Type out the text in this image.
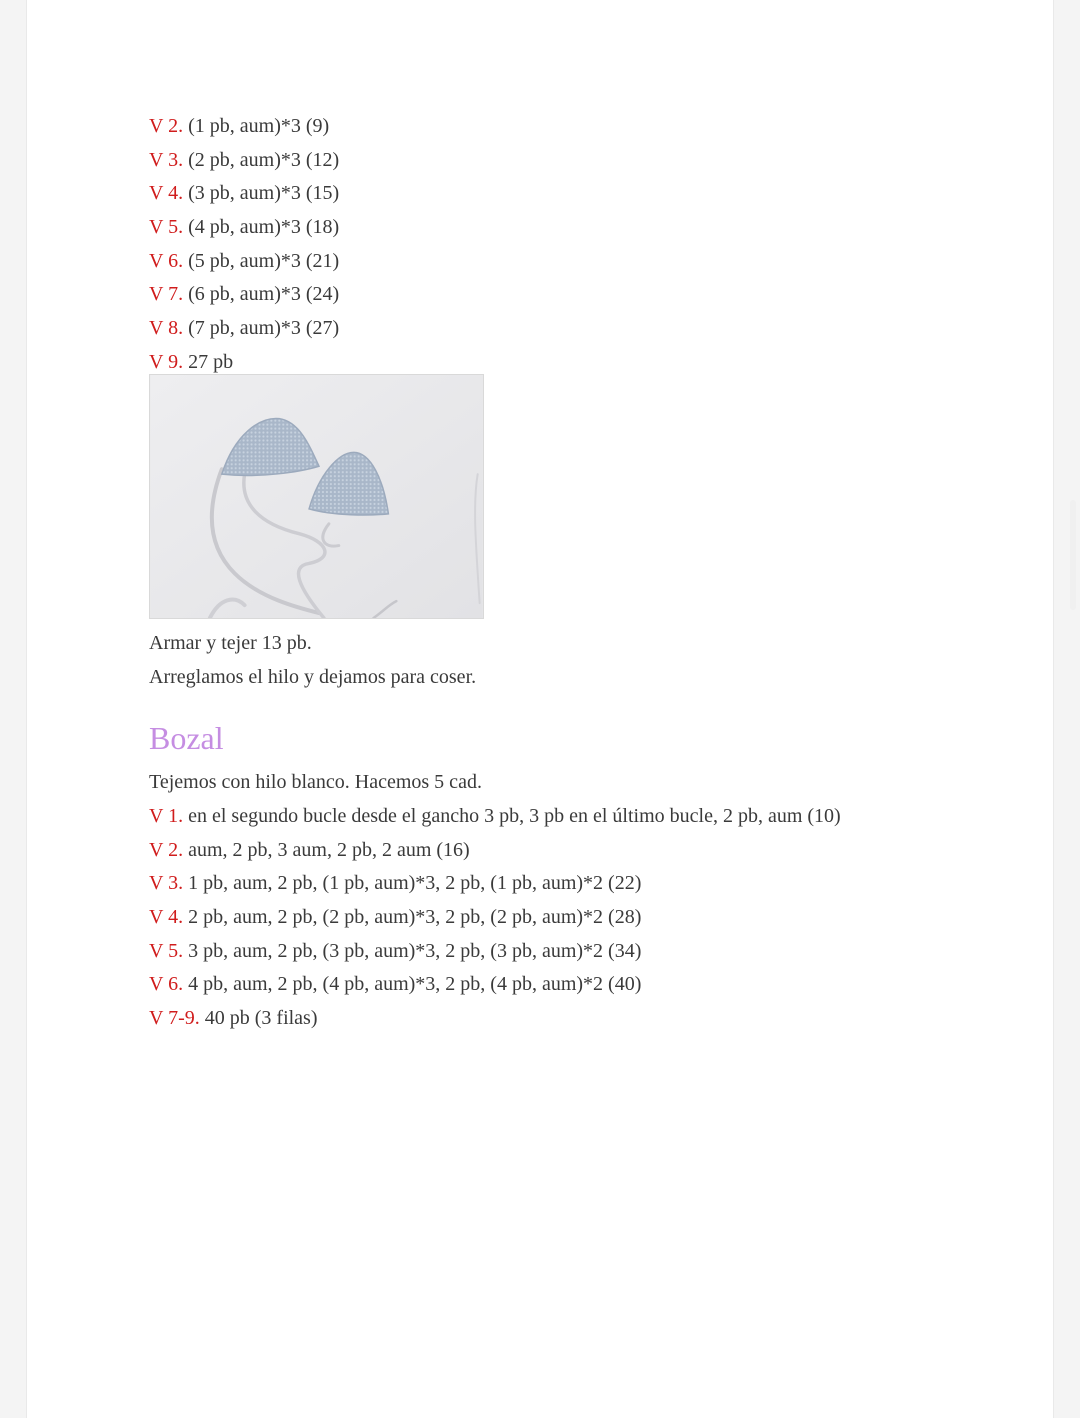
V 2. (1 pb, aum)*3 (9)
V 3. (2 pb, aum)*3 (12)
V 4. (3 pb, aum)*3 (15)
V 5. (4 pb, aum)*3 (18)
V 6. (5 pb, aum)*3 (21)
V 7. (6 pb, aum)*3 (24)
V 8. (7 pb, aum)*3 (27)
V 9. 27 pb
Armar y tejer 13 pb.
Arreglamos el hilo y dejamos para coser.
Bozal
Tejemos con hilo blanco. Hacemos 5 cad.
V 1. en el segundo bucle desde el gancho 3 pb, 3 pb en el último bucle, 2 pb, aum (10)
V 2. aum, 2 pb, 3 aum, 2 pb, 2 aum (16)
V 3. 1 pb, aum, 2 pb, (1 pb, aum)*3, 2 pb, (1 pb, aum)*2 (22)
V 4. 2 pb, aum, 2 pb, (2 pb, aum)*3, 2 pb, (2 pb, aum)*2 (28)
V 5. 3 pb, aum, 2 pb, (3 pb, aum)*3, 2 pb, (3 pb, aum)*2 (34)
V 6. 4 pb, aum, 2 pb, (4 pb, aum)*3, 2 pb, (4 pb, aum)*2 (40)
V 7-9. 40 pb (3 filas)
